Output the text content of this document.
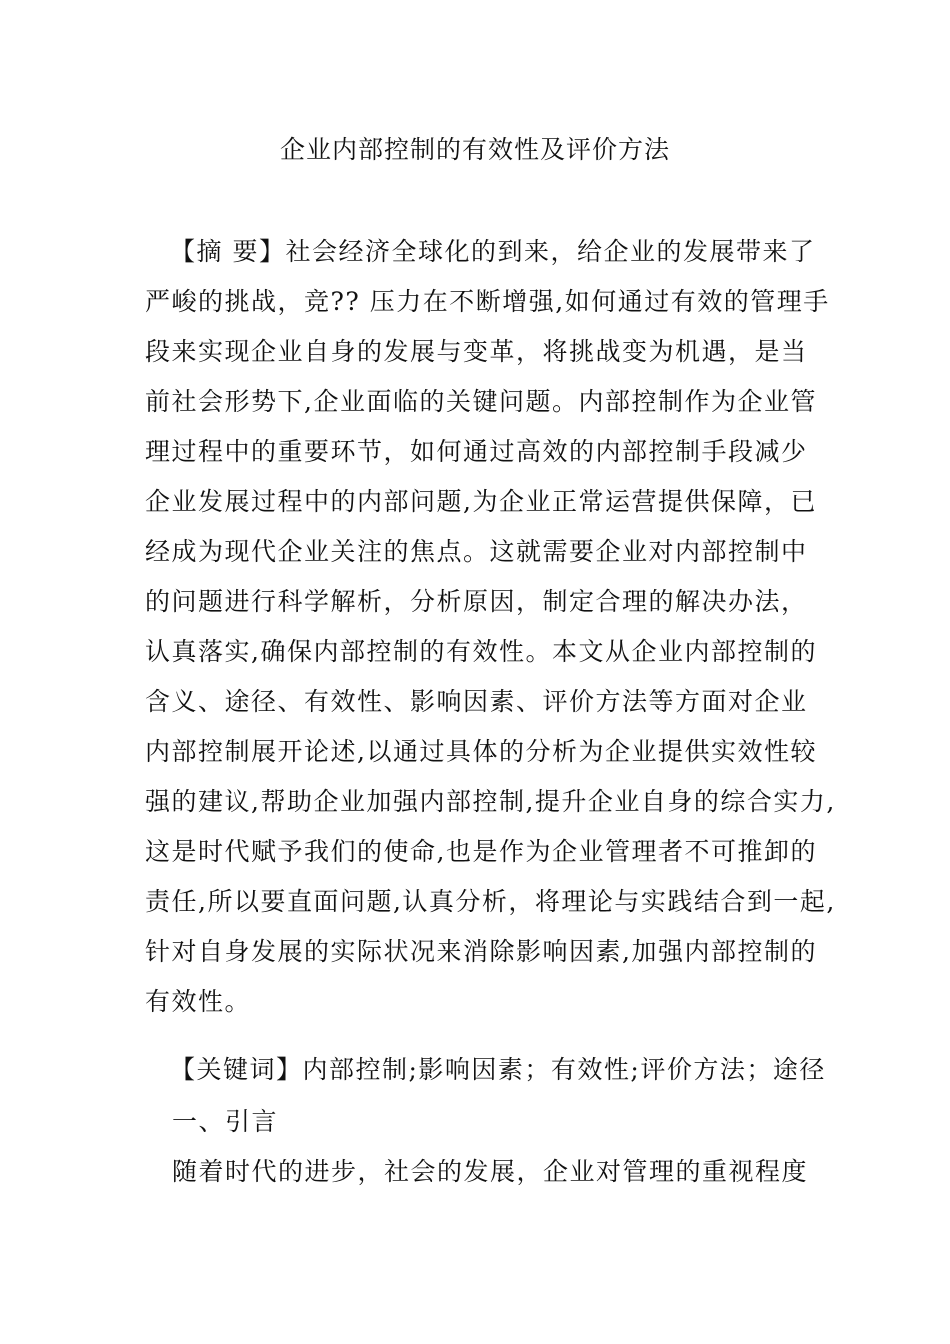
企业内部控制的有效性及评价方法
【摘 要】社会经济全球化的到来，给企业的发展带来了
严峻的挑战，竞?? 压力在不断增强,如何通过有效的管理手
段来实现企业自身的发展与变革，将挑战变为机遇，是当
前社会形势下,企业面临的关键问题。内部控制作为企业管
理过程中的重要环节，如何通过高效的内部控制手段减少
企业发展过程中的内部问题,为企业正常运营提供保障，已
经成为现代企业关注的焦点。这就需要企业对内部控制中
的问题进行科学解析，分析原因，制定合理的解决办法，
认真落实,确保内部控制的有效性。本文从企业内部控制的
含义、途径、有效性、影响因素、评价方法等方面对企业
内部控制展开论述,以通过具体的分析为企业提供实效性较
强的建议,帮助企业加强内部控制,提升企业自身的综合实力,
这是时代赋予我们的使命,也是作为企业管理者不可推卸的
责任,所以要直面问题,认真分析，将理论与实践结合到一起,
针对自身发展的实际状况来消除影响因素,加强内部控制的
有效性。
【关键词】内部控制;影响因素；有效性;评价方法；途径
一、引言
随着时代的进步，社会的发展，企业对管理的重视程度
